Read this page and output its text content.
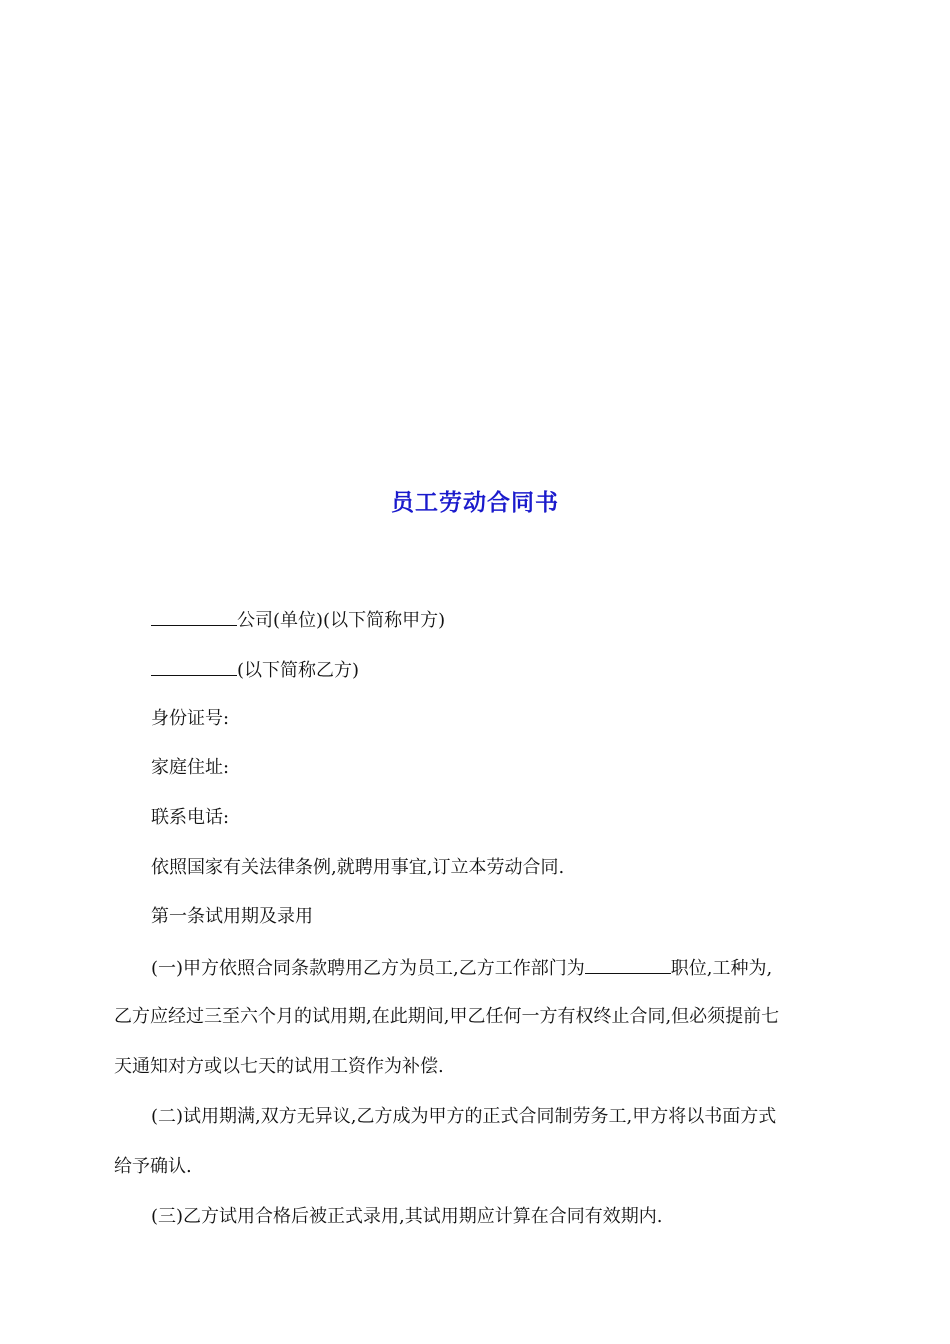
员工劳动合同书
公司(单位)(以下简称甲方)
(以下简称乙方)
身份证号:
家庭住址:
联系电话:
依照国家有关法律条例,就聘用事宜,订立本劳动合同.
第一条试用期及录用
(一)甲方依照合同条款聘用乙方为员工,乙方工作部门为	职位,工种为,
乙方应经过三至六个月的试用期,在此期间,甲乙任何一方有权终止合同,但必须提前七
天通知对方或以七天的试用工资作为补偿.
(二)试用期满,双方无异议,乙方成为甲方的正式合同制劳务工,甲方将以书面方式
给予确认.
(三)乙方试用合格后被正式录用,其试用期应计算在合同有效期内.
